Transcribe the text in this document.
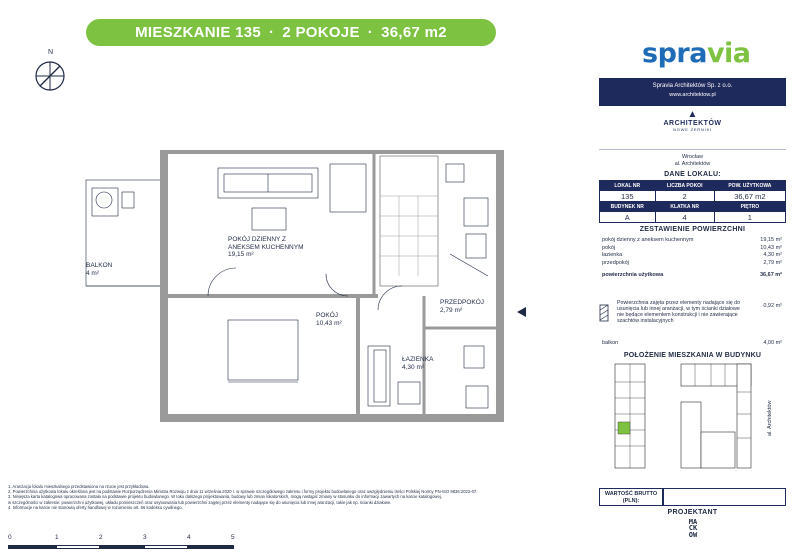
MIESZKANIE 135 · 2 POKOJE · 36,67 m2
N	spravia
POKÓJ DZIENNY Z
ANEKSEM KUCHENNYM
19,15 m²
BALKON
4 m²
POKÓJ
10,43 m²
PRZEDPOKÓJ
2,79 m²
ŁAZIENKA
4,30 m²
Spravia Architektów Sp. z o.o.
www.architektow.pl
▲
ARCHITEKTÓW
NOWE ŻERNIKI
Wrocław
al. Architektów
DANE LOKALU:
LOKAL NR	LICZBA POKOI	POW. UŻYTKOWA
135	2	36,67 m2
BUDYNEK NR	KLATKA NR	PIĘTRO
A	4	1
ZESTAWIENIE POWIERZCHNI
pokój dzienny z aneksem kuchennym	19,15 m²
pokój	10,43 m²
łazienka	4,30 m²
przedpokój	2,79 m²
powierzchnia użytkowa	36,67 m²
Powierzchnia zajęta przez elementy nadające się do usunięcia lub innej aranżacji, w tym ścianki działowe nie będące elementem konstrukcji i nie zawierające szachtów instalacyjnych
0,92 m²
balkon	4,00 m²
POŁOŻENIE MIESZKANIA W BUDYNKU
al. Architektów
WARTOŚĆ BRUTTO (PLN):
PROJEKTANT
MA
CK
OW
1. Aranżacja lokalu mieszkalnego przedstawiona na rzucie jest przykładowa.
2. Powierzchnia użytkowa lokalu określona jest na podstawie Rozporządzenia Ministra Rozwoju z dnia 11 września 2020 r. w sprawie szczegółowego zakresu i formy projektu budowlanego oraz uwzględnieniu treści Polskiej Normy PN-ISO 9836:2022-07.
3. Niniejsza karta katalogowa opracowana została na podstawie projektu budowlanego. W toku dalszego projektowania, budowy lub zmian lokatorskich, mogą nastąpić zmiany w stosunku do informacji zawartych na karcie katalogowej,
w szczególności w zakresie: powierzchni użytkowej, układu pomieszczeń oraz usytuowania lub powierzchni zajętej przez elementy nadające się do usunięcia lub innej aranżacji, takie jak np. ścianki działowe.
4. Informacje na karcie nie stanowią oferty handlowej w rozumieniu art. 66 kodeksu cywilnego.
0	1	2	3	4	5
